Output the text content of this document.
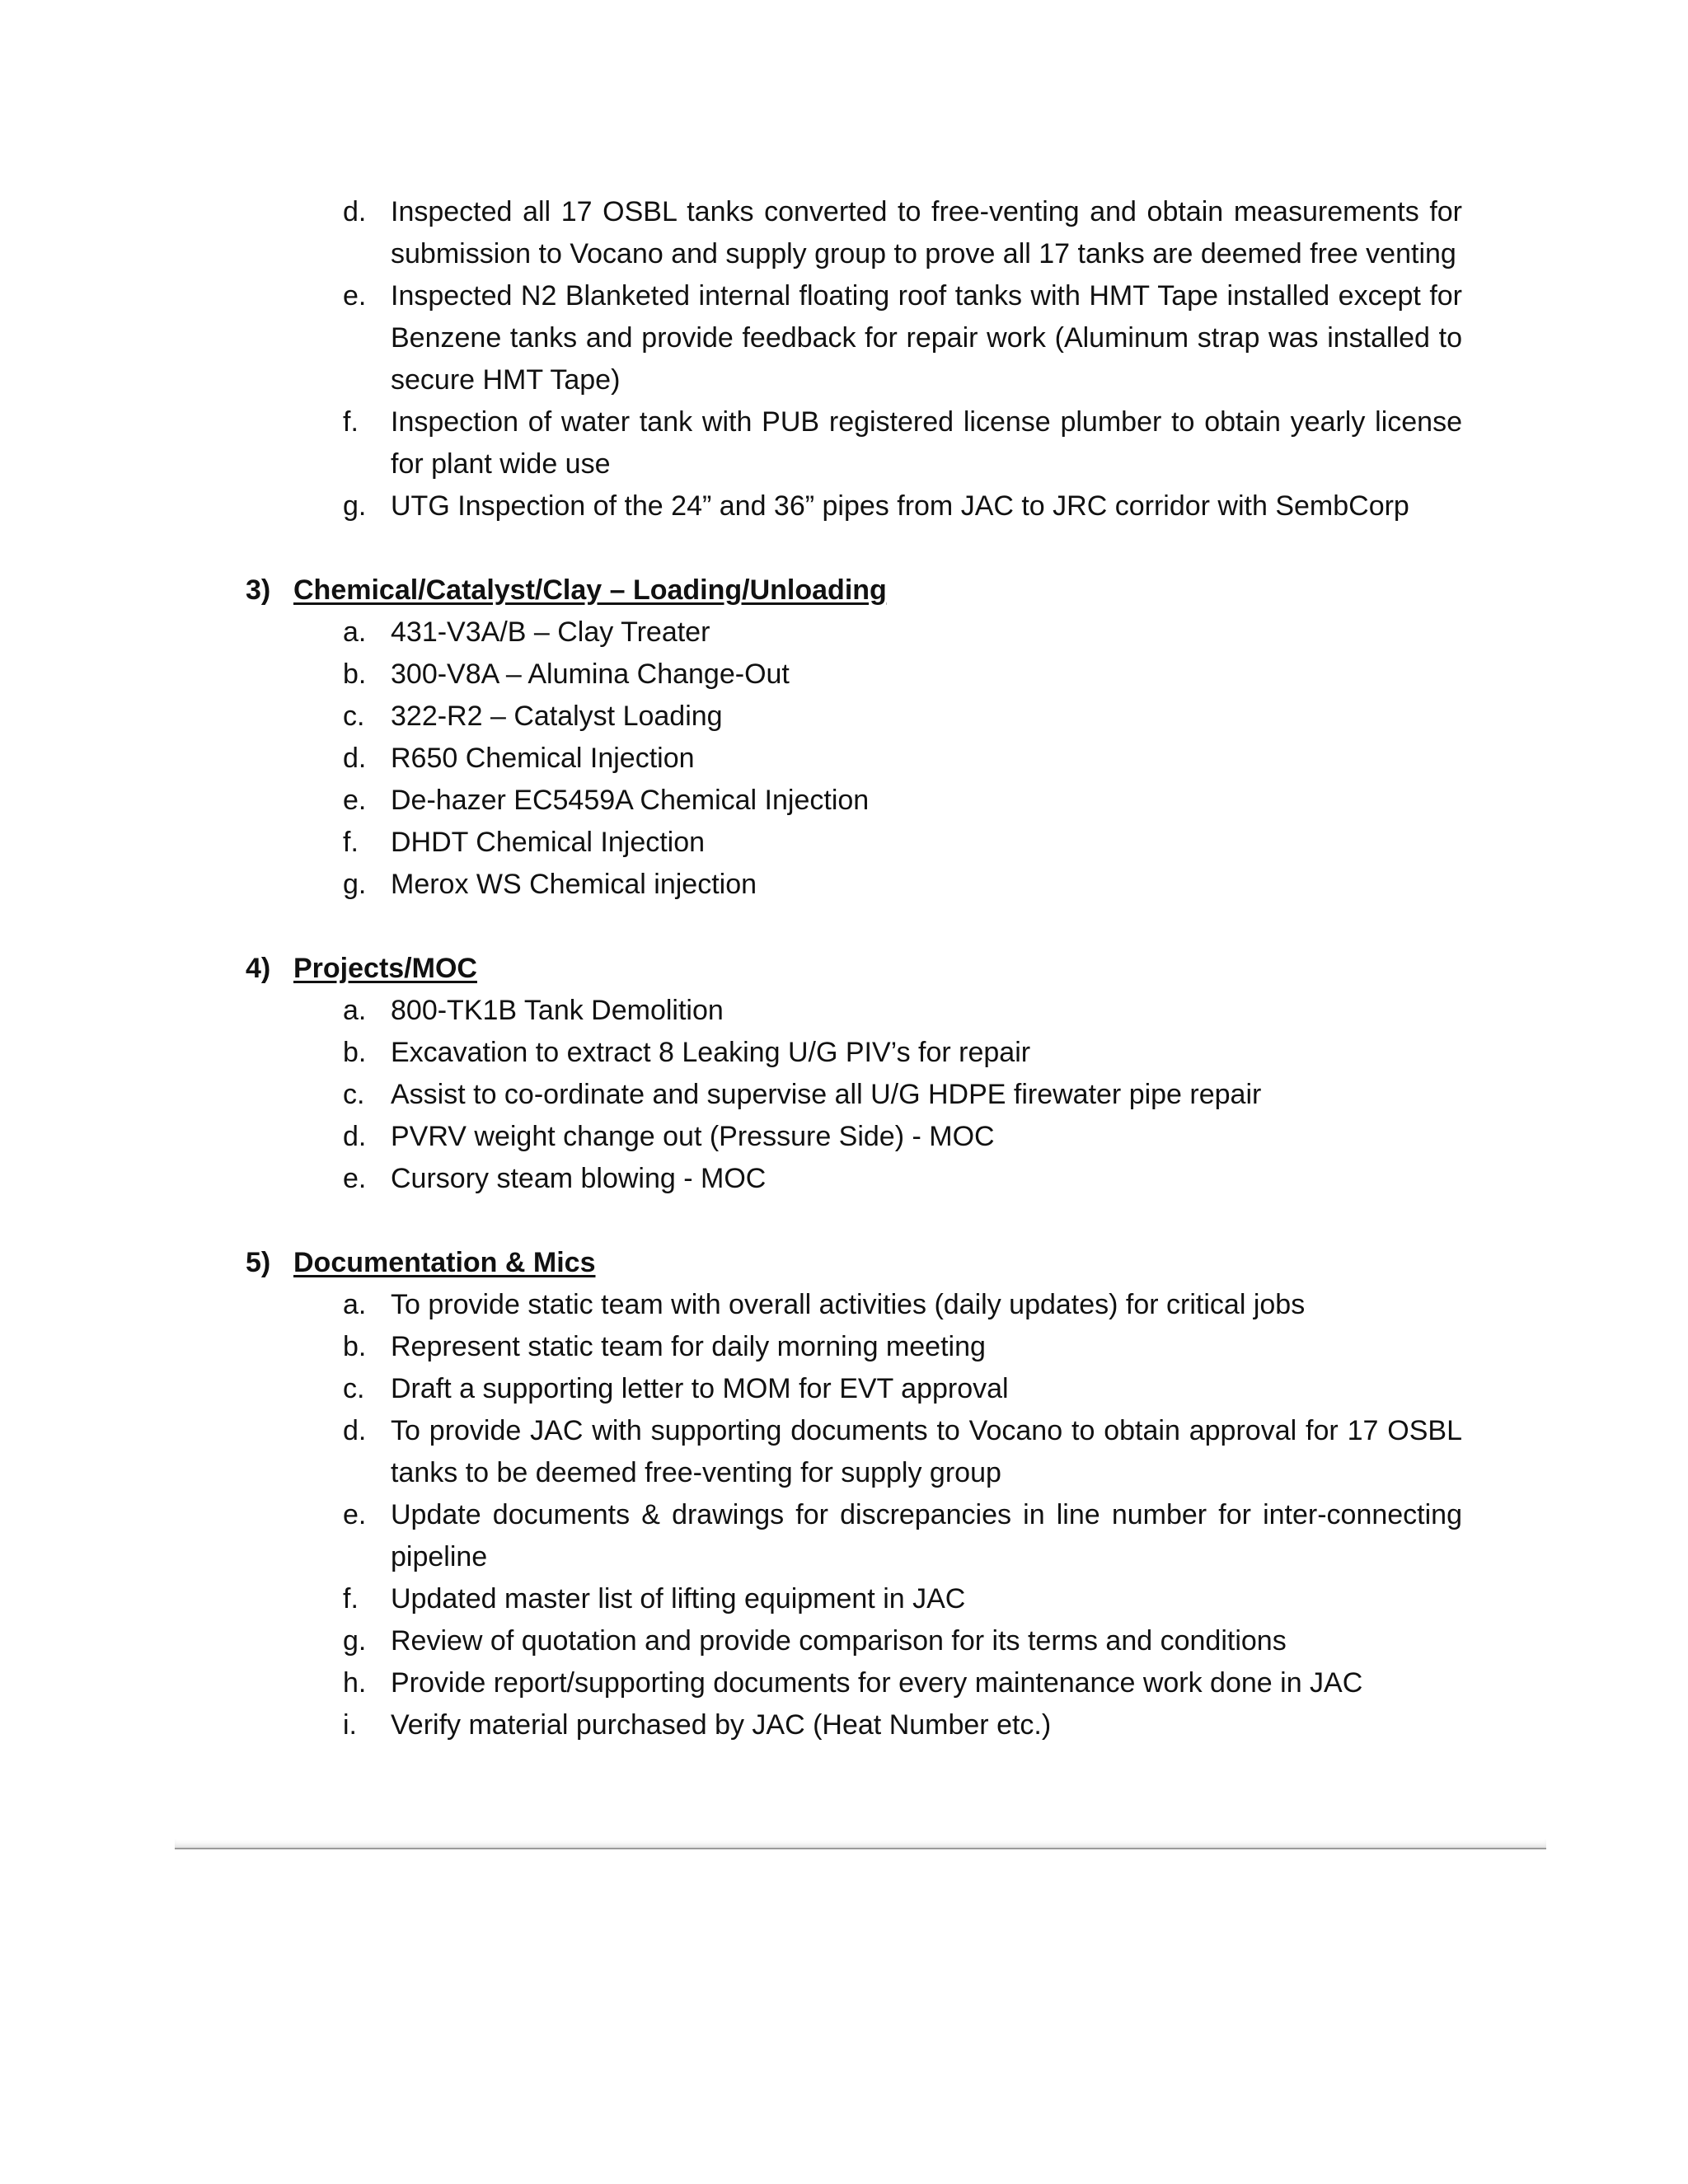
d. Inspected all 17 OSBL tanks converted to free-venting and obtain measurements for submission to Vocano and supply group to prove all 17 tanks are deemed free venting
e. Inspected N2 Blanketed internal floating roof tanks with HMT Tape installed except for Benzene tanks and provide feedback for repair work (Aluminum strap was installed to secure HMT Tape)
f.	Inspection of water tank with PUB registered license plumber to obtain yearly license for plant wide use
g. UTG Inspection of the 24” and 36” pipes from JAC to JRC corridor with SembCorp
3) Chemical/Catalyst/Clay – Loading/Unloading
a. 431-V3A/B – Clay Treater
b. 300-V8A – Alumina Change-Out
c. 322-R2 – Catalyst Loading
d. R650 Chemical Injection
e. De-hazer EC5459A Chemical Injection
f.	DHDT Chemical Injection
g. Merox WS Chemical injection
4) Projects/MOC
a. 800-TK1B Tank Demolition
b. Excavation to extract 8 Leaking U/G PIV’s for repair
c. Assist to co-ordinate and supervise all U/G HDPE firewater pipe repair
d. PVRV weight change out (Pressure Side) - MOC
e. Cursory steam blowing - MOC
5) Documentation & Mics
a. To provide static team with overall activities (daily updates) for critical jobs
b. Represent static team for daily morning meeting
c. Draft a supporting letter to MOM for EVT approval
d. To provide JAC with supporting documents to Vocano to obtain approval for 17 OSBL tanks to be deemed free-venting for supply group
e. Update documents & drawings for discrepancies in line number for inter-connecting pipeline
f.	Updated master list of lifting equipment in JAC
g. Review of quotation and provide comparison for its terms and conditions
h. Provide report/supporting documents for every maintenance work done in JAC
i.	Verify material purchased by JAC (Heat Number etc.)
